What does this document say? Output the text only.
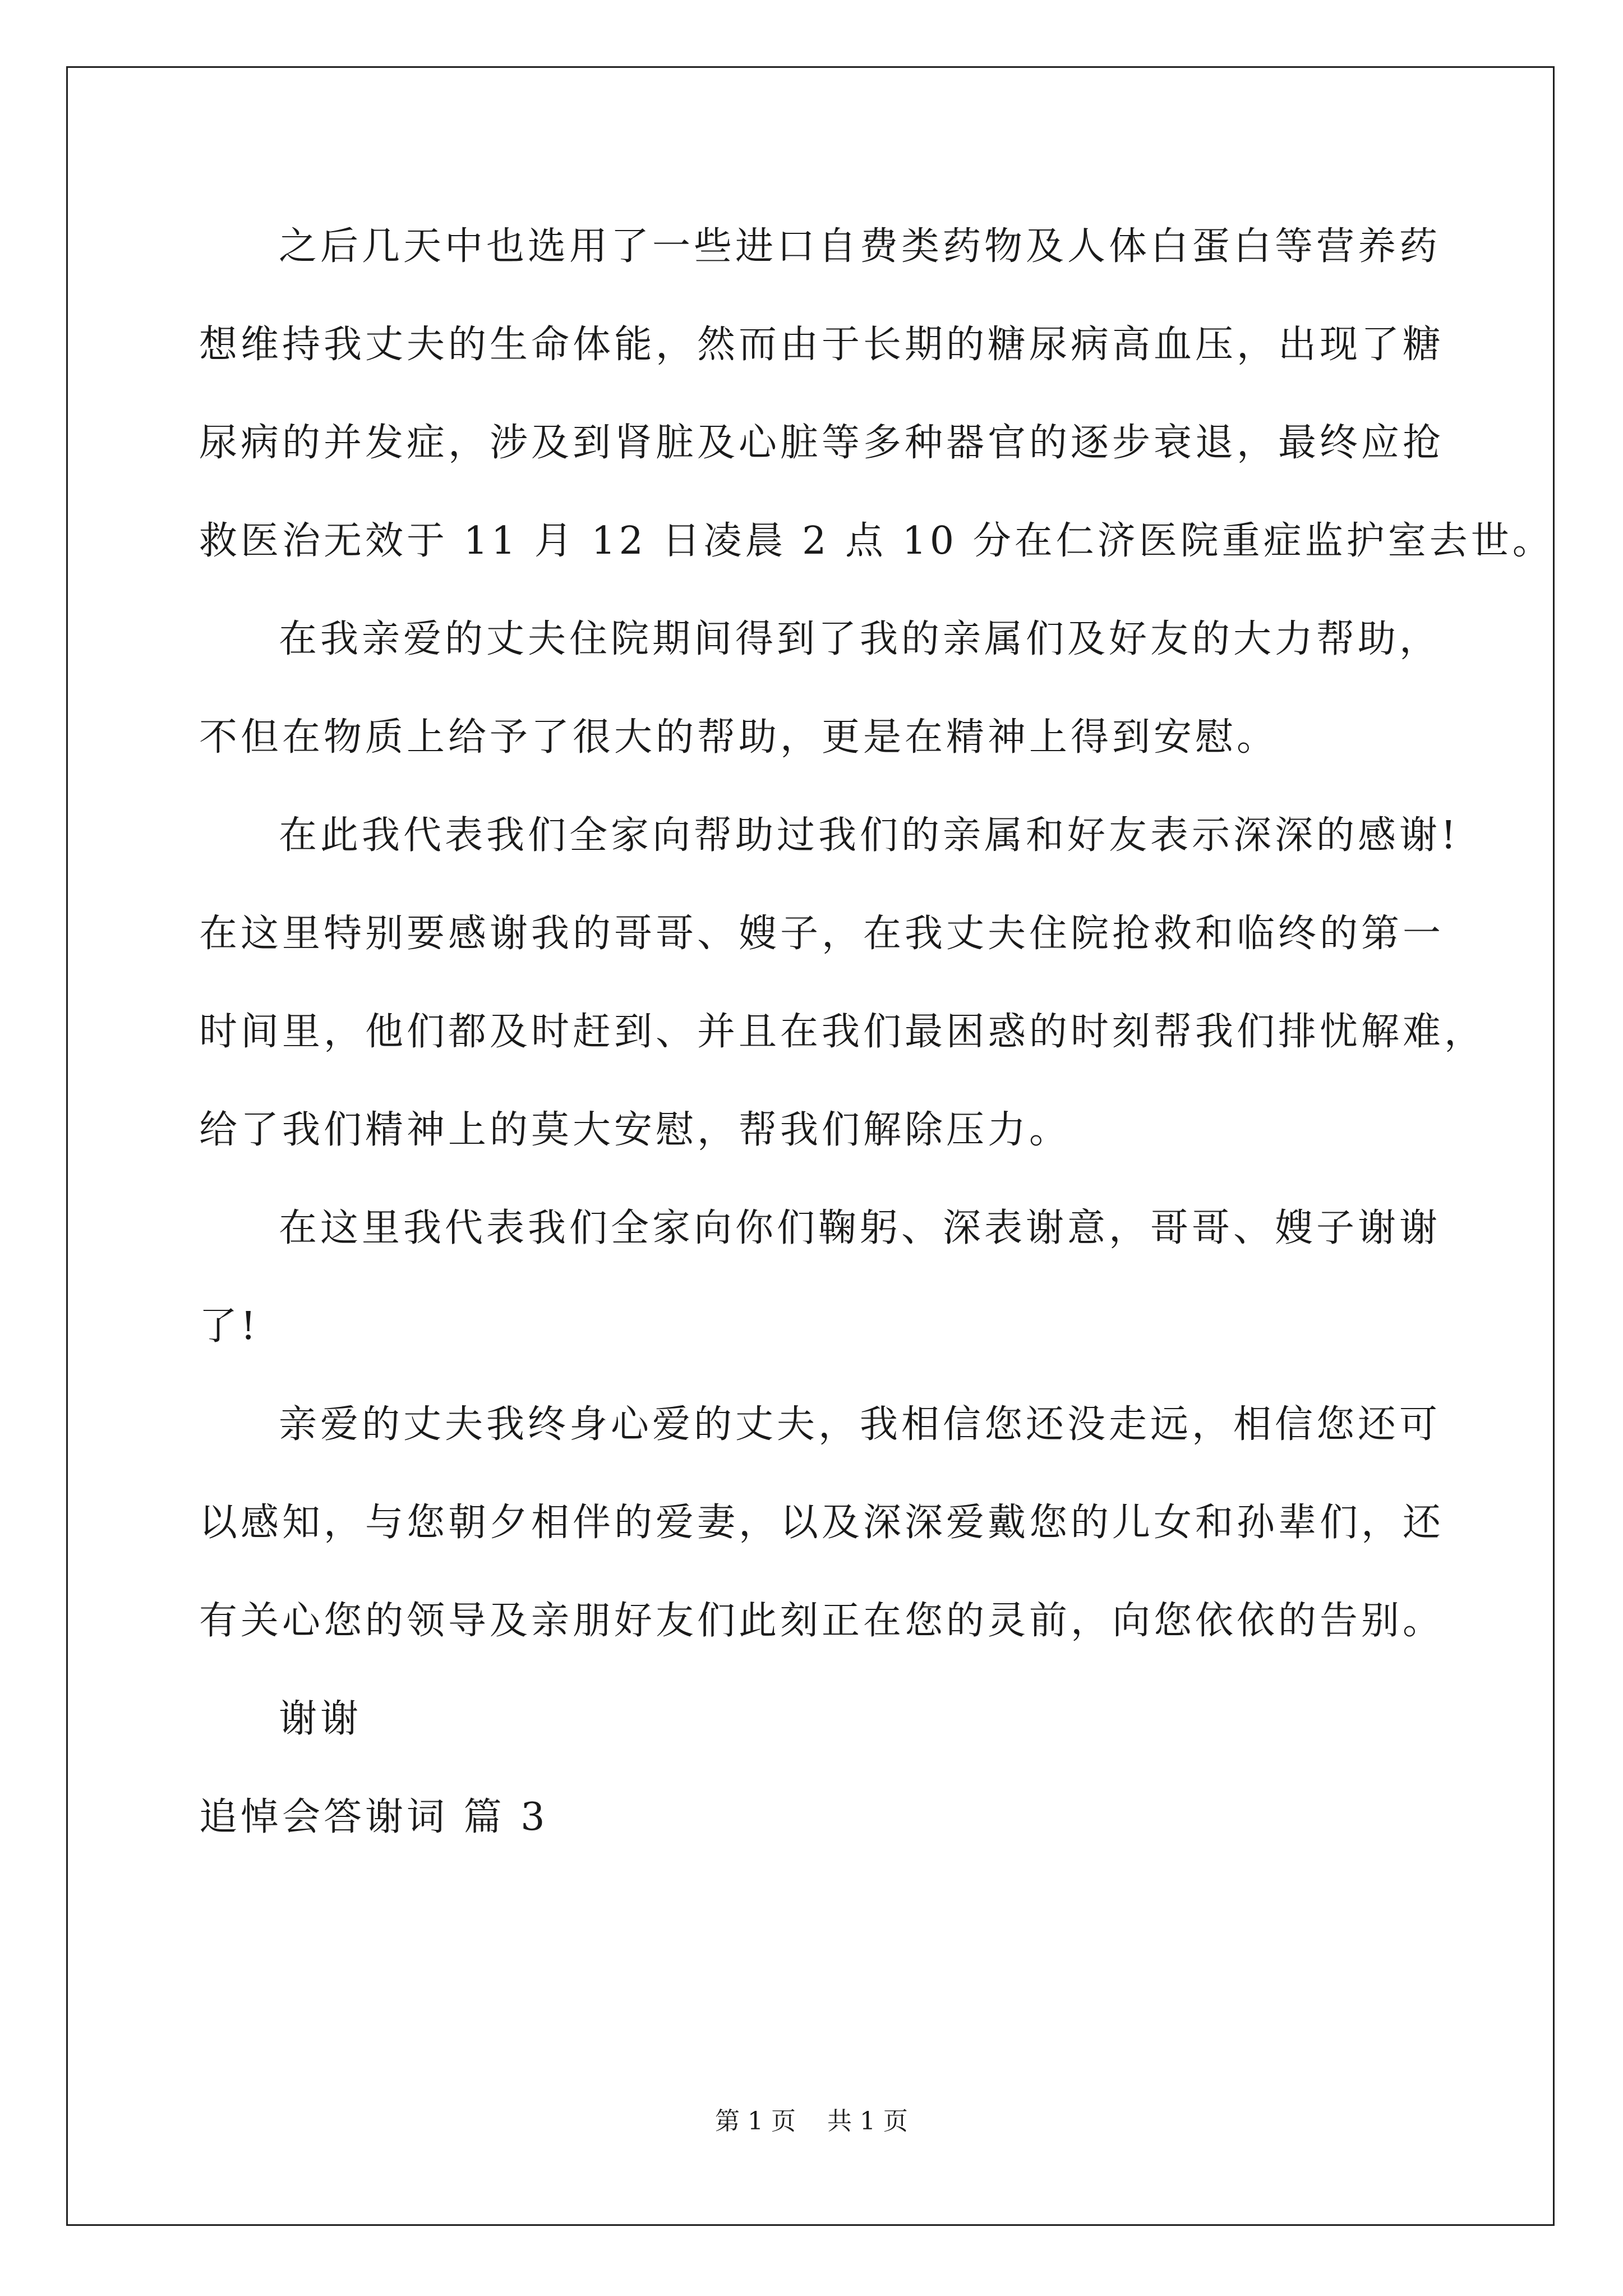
之后几天中也选用了一些进口自费类药物及人体白蛋白等营养药
想维持我丈夫的生命体能，然而由于长期的糖尿病高血压，出现了糖
尿病的并发症，涉及到肾脏及心脏等多种器官的逐步衰退，最终应抢
救医治无效于 11 月 12 日凌晨 2 点 10 分在仁济医院重症监护室去世。
在我亲爱的丈夫住院期间得到了我的亲属们及好友的大力帮助，
不但在物质上给予了很大的帮助，更是在精神上得到安慰。
在此我代表我们全家向帮助过我们的亲属和好友表示深深的感谢!
在这里特别要感谢我的哥哥、嫂子，在我丈夫住院抢救和临终的第一
时间里，他们都及时赶到、并且在我们最困惑的时刻帮我们排忧解难，
给了我们精神上的莫大安慰，帮我们解除压力。
在这里我代表我们全家向你们鞠躬、深表谢意，哥哥、嫂子谢谢
了!
亲爱的丈夫我终身心爱的丈夫，我相信您还没走远，相信您还可
以感知，与您朝夕相伴的爱妻，以及深深爱戴您的儿女和孙辈们，还
有关心您的领导及亲朋好友们此刻正在您的灵前，向您依依的告别。
谢谢
追悼会答谢词 篇 3
第 1 页    共 1 页
